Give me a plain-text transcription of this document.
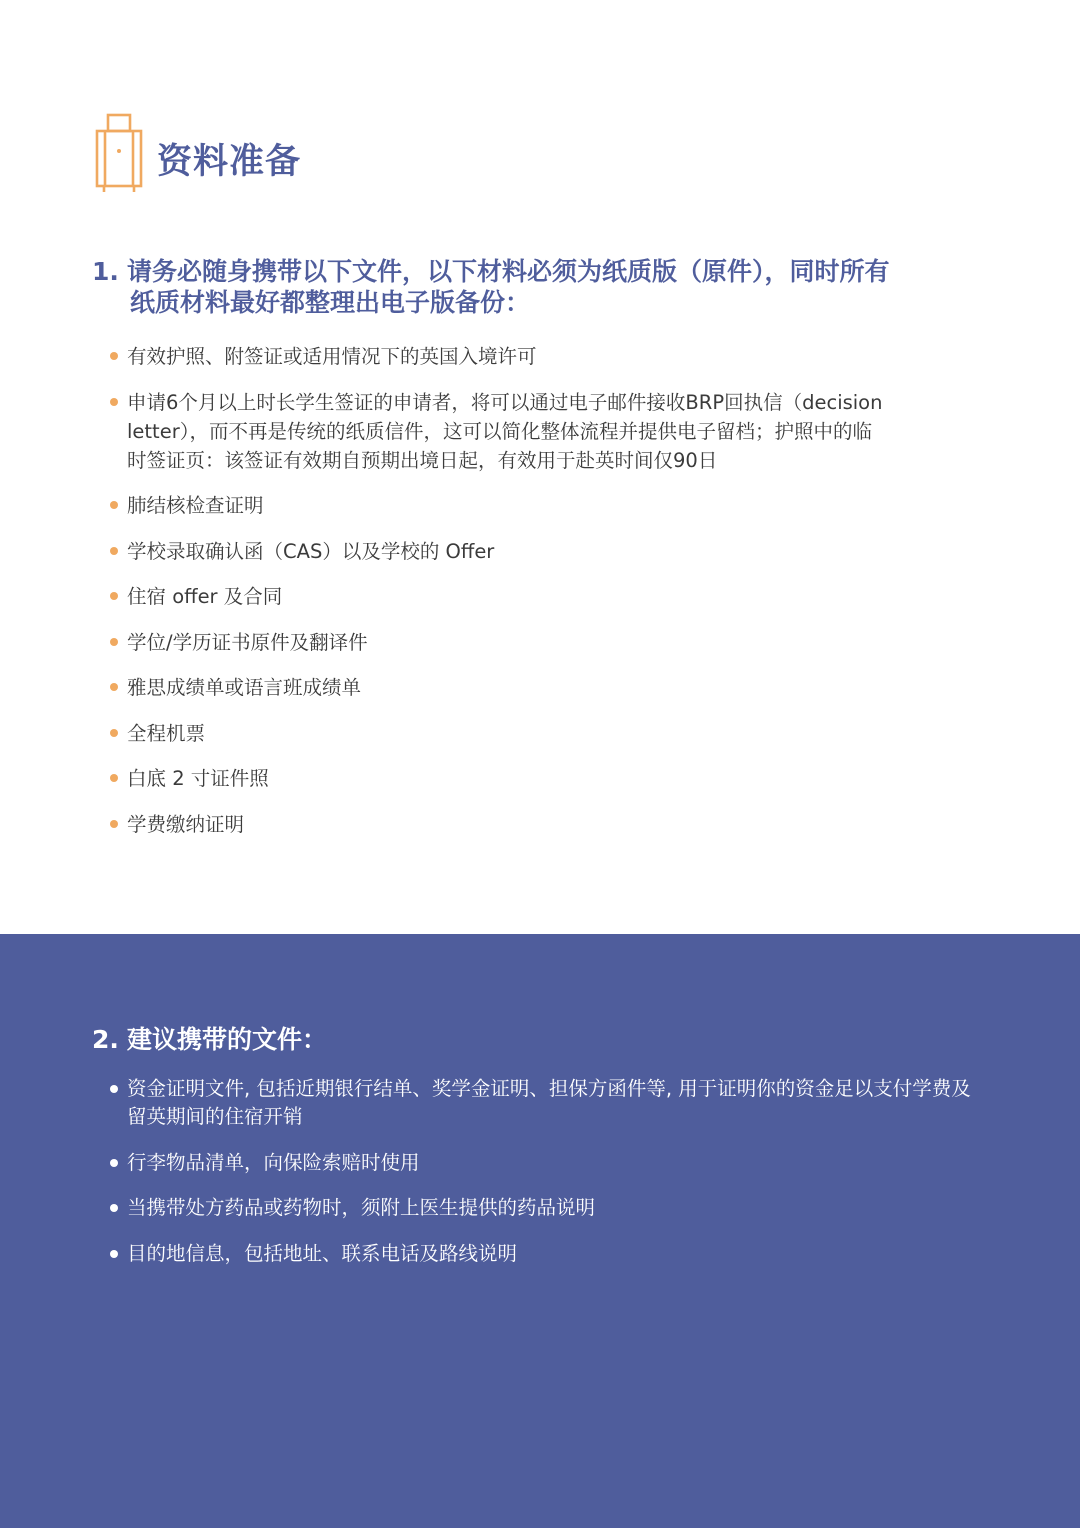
资料准备
1. 请务必随身携带以下文件，以下材料必须为纸质版（原件），同时所有
纸质材料最好都整理出电子版备份：
有效护照、附签证或适用情况下的英国入境许可
申请6个月以上时长学生签证的申请者，将可以通过电子邮件接收BRP回执信（decision letter），而不再是传统的纸质信件，这可以简化整体流程并提供电子留档；护照中的临时签证页：该签证有效期自预期出境日起，有效用于赴英时间仅90日
肺结核检查证明
学校录取确认函（CAS）以及学校的 Offer
住宿 offer 及合同
学位/学历证书原件及翻译件
雅思成绩单或语言班成绩单
全程机票
白底 2 寸证件照
学费缴纳证明
2. 建议携带的文件：
资金证明文件, 包括近期银行结单、奖学金证明、担保方函件等, 用于证明你的资金足以支付学费及留英期间的住宿开销
行李物品清单，向保险索赔时使用
当携带处方药品或药物时，须附上医生提供的药品说明
目的地信息，包括地址、联系电话及路线说明
